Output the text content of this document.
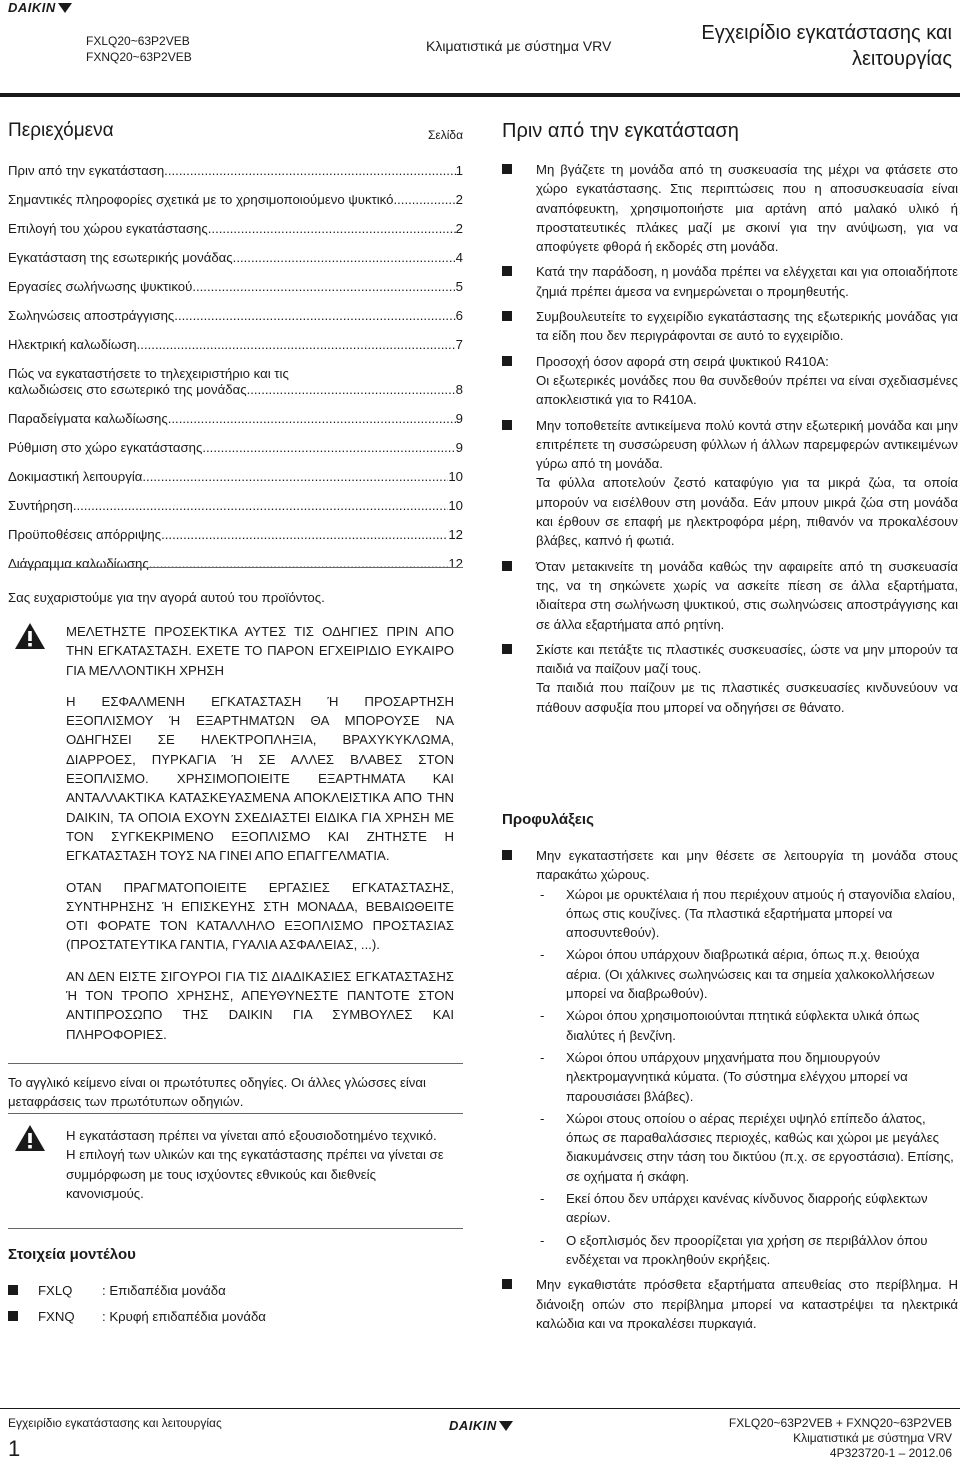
DAIKIN
FXLQ20~63P2VEB
FXNQ20~63P2VEB
Κλιματιστικά με σύστημα VRV
Εγχειρίδιο εγκατάστασης και
λειτουργίας
Περιεχόμενα	Σελίδα
Πριν από την εγκατάσταση .....	1
Σημαντικές πληροφορίες σχετικά με το χρησιμοποιούμενο ψυκτικό .....	2
Επιλογή του χώρου εγκατάστασης .....	2
Εγκατάσταση της εσωτερικής μονάδας .....	4
Εργασίες σωλήνωσης ψυκτικού .....	5
Σωληνώσεις αποστράγγισης .....	6
Ηλεκτρική καλωδίωση .....	7
Πώς να εγκαταστήσετε το τηλεχειριστήριο και τις
καλωδιώσεις στο εσωτερικό της μονάδας .....	8
Παραδείγματα καλωδίωσης .....	9
Ρύθμιση στο χώρο εγκατάστασης .....	9
Δοκιμαστική λειτουργία .....	10
Συντήρηση .....	10
Προϋποθέσεις απόρριψης .....	12
Διάγραμμα καλωδίωσης .....	12
Σας ευχαριστούμε για την αγορά αυτού του προϊόντος.

ΜΕΛΕΤΗΣΤΕ ΠΡΟΣΕΚΤΙΚΑ ΑΥΤΕΣ ΤΙΣ ΟΔΗΓΙΕΣ ΠΡΙΝ ΑΠΟ ΤΗΝ ΕΓΚΑΤΑΣΤΑΣΗ. ΕΧΕΤΕ ΤΟ ΠΑΡΟΝ ΕΓΧΕΙΡΙΔΙΟ ΕΥΚΑΙΡΟ ΓΙΑ ΜΕΛΛΟΝΤΙΚΗ ΧΡΗΣΗ

Η ΕΣΦΑΛΜΕΝΗ ΕΓΚΑΤΑΣΤΑΣΗ Ή ΠΡΟΣΑΡΤΗΣΗ ΕΞΟΠΛΙΣΜΟΥ Ή ΕΞΑΡΤΗΜΑΤΩΝ ΘΑ ΜΠΟΡΟΥΣΕ ΝΑ ΟΔΗΓΗΣΕΙ ΣΕ ΗΛΕΚΤΡΟΠΛΗΞΙΑ, ΒΡΑΧΥΚΥΚΛΩΜΑ, ΔΙΑΡΡΟΕΣ, ΠΥΡΚΑΓΙΑ Ή ΣΕ ΑΛΛΕΣ ΒΛΑΒΕΣ ΣΤΟΝ ΕΞΟΠΛΙΣΜΟ. ΧΡΗΣΙΜΟΠΟΙΕΙΤΕ ΕΞΑΡΤΗΜΑΤΑ ΚΑΙ ΑΝΤΑΛΛΑΚΤΙΚΑ ΚΑΤΑΣΚΕΥΑΣΜΕΝΑ ΑΠΟΚΛΕΙΣΤΙΚΑ ΑΠΟ ΤΗΝ DAIKIN, ΤΑ ΟΠΟΙΑ ΕΧΟΥΝ ΣΧΕΔΙΑΣΤΕΙ ΕΙΔΙΚΑ ΓΙΑ ΧΡΗΣΗ ΜΕ ΤΟΝ ΣΥΓΚΕΚΡΙΜΕΝΟ ΕΞΟΠΛΙΣΜΟ ΚΑΙ ΖΗΤΗΣΤΕ Η ΕΓΚΑΤΑΣΤΑΣΗ ΤΟΥΣ ΝΑ ΓΙΝΕΙ ΑΠΟ ΕΠΑΓΓΕΛΜΑΤΙΑ.

ΟΤΑΝ ΠΡΑΓΜΑΤΟΠΟΙΕΙΤΕ ΕΡΓΑΣΙΕΣ ΕΓΚΑΤΑΣΤΑΣΗΣ, ΣΥΝΤΗΡΗΣΗΣ Ή ΕΠΙΣΚΕΥΗΣ ΣΤΗ ΜΟΝΑΔΑ, ΒΕΒΑΙΩΘΕΙΤΕ ΟΤΙ ΦΟΡΑΤΕ ΤΟΝ ΚΑΤΑΛΛΗΛΟ ΕΞΟΠΛΙΣΜΟ ΠΡΟΣΤΑΣΙΑΣ (ΠΡΟΣΤΑΤΕΥΤΙΚΑ ΓΑΝΤΙΑ, ΓΥΑΛΙΑ ΑΣΦΑΛΕΙΑΣ, ...).

ΑΝ ΔΕΝ ΕΙΣΤΕ ΣΙΓΟΥΡΟΙ ΓΙΑ ΤΙΣ ΔΙΑΔΙΚΑΣΙΕΣ ΕΓΚΑΤΑΣΤΑΣΗΣ Ή ΤΟΝ ΤΡΟΠΟ ΧΡΗΣΗΣ, ΑΠΕΥΘΥΝΕΣΤΕ ΠΑΝΤΟΤΕ ΣΤΟΝ ΑΝΤΙΠΡΟΣΩΠΟ ΤΗΣ DAIKIN ΓΙΑ ΣΥΜΒΟΥΛΕΣ ΚΑΙ ΠΛΗΡΟΦΟΡΙΕΣ.

Το αγγλικό κείμενο είναι οι πρωτότυπες οδηγίες. Οι άλλες γλώσσες είναι μεταφράσεις των πρωτότυπων οδηγιών.

Η εγκατάσταση πρέπει να γίνεται από εξουσιοδοτημένο τεχνικό.

Η επιλογή των υλικών και της εγκατάστασης πρέπει να γίνεται σε συμμόρφωση με τους ισχύοντες εθνικούς και διεθνείς κανονισμούς.

Στοιχεία μοντέλου
FXLQ : Επιδαπέδια μονάδα
FXNQ : Κρυφή επιδαπέδια μονάδα
Πριν από την εγκατάσταση

Μη βγάζετε τη μονάδα από τη συσκευασία της μέχρι να φτάσετε στο χώρο εγκατάστασης. Στις περιπτώσεις που η αποσυσκευασία είναι αναπόφευκτη, χρησιμοποιήστε μια αρτάνη από μαλακό υλικό ή προστατευτικές πλάκες μαζί με σκοινί για την ανύψωση, για να αποφύγετε φθορά ή εκδορές στη μονάδα.

Κατά την παράδοση, η μονάδα πρέπει να ελέγχεται και για οποιαδήποτε ζημιά πρέπει άμεσα να ενημερώνεται ο προμηθευτής.

Συμβουλευτείτε το εγχειρίδιο εγκατάστασης της εξωτερικής μονάδας για τα είδη που δεν περιγράφονται σε αυτό το εγχειρίδιο.

Προσοχή όσον αφορά στη σειρά ψυκτικού R410A:

Οι εξωτερικές μονάδες που θα συνδεθούν πρέπει να είναι σχεδιασμένες αποκλειστικά για το R410A.

Μην τοποθετείτε αντικείμενα πολύ κοντά στην εξωτερική μονάδα και μην επιτρέπετε τη συσσώρευση φύλλων ή άλλων παρεμφερών αντικειμένων γύρω από τη μονάδα.

Τα φύλλα αποτελούν ζεστό καταφύγιο για τα μικρά ζώα, τα οποία μπορούν να εισέλθουν στη μονάδα. Εάν μπουν μικρά ζώα στη μονάδα και έρθουν σε επαφή με ηλεκτροφόρα μέρη, πιθανόν να προκαλέσουν βλάβες, καπνό ή φωτιά.

Όταν μετακινείτε τη μονάδα καθώς την αφαιρείτε από τη συσκευασία της, να τη σηκώνετε χωρίς να ασκείτε πίεση σε άλλα εξαρτήματα, ιδιαίτερα στη σωλήνωση ψυκτικού, στις σωληνώσεις αποστράγγισης και σε άλλα εξαρτήματα από ρητίνη.

Σκίστε και πετάξτε τις πλαστικές συσκευασίες, ώστε να μην μπορούν τα παιδιά να παίζουν μαζί τους.

Τα παιδιά που παίζουν με τις πλαστικές συσκευασίες κινδυνεύουν να πάθουν ασφυξία που μπορεί να οδηγήσει σε θάνατο.

Προφυλάξεις

Μην εγκαταστήσετε και μην θέσετε σε λειτουργία τη μονάδα στους παρακάτω χώρους.

- Χώροι με ορυκτέλαια ή που περιέχουν ατμούς ή σταγονίδια ελαίου, όπως στις κουζίνες. (Τα πλαστικά εξαρτήματα μπορεί να αποσυντεθούν).
- Χώροι όπου υπάρχουν διαβρωτικά αέρια, όπως π.χ. θειούχα αέρια. (Οι χάλκινες σωληνώσεις και τα σημεία χαλκοκολλήσεων μπορεί να διαβρωθούν).
- Χώροι όπου χρησιμοποιούνται πτητικά εύφλεκτα υλικά όπως διαλύτες ή βενζίνη.
- Χώροι όπου υπάρχουν μηχανήματα που δημιουργούν ηλεκτρομαγνητικά κύματα. (Το σύστημα ελέγχου μπορεί να παρουσιάσει βλάβες).
- Χώροι στους οποίου ο αέρας περιέχει υψηλό επίπεδο άλατος, όπως σε παραθαλάσσιες περιοχές, καθώς και χώροι με μεγάλες διακυμάνσεις στην τάση του δικτύου (π.χ. σε εργοστάσια). Επίσης, σε οχήματα ή σκάφη.
- Εκεί όπου δεν υπάρχει κανένας κίνδυνος διαρροής εύφλεκτων αερίων.
- Ο εξοπλισμός δεν προορίζεται για χρήση σε περιβάλλον όπου ενδέχεται να προκληθούν εκρήξεις.

Μην εγκαθιστάτε πρόσθετα εξαρτήματα απευθείας στο περίβλημα. Η διάνοιξη οπών στο περίβλημα μπορεί να καταστρέψει τα ηλεκτρικά καλώδια και να προκαλέσει πυρκαγιά.

Εγχειρίδιο εγκατάστασης και λειτουργίας
1
DAIKIN	FXLQ20~63P2VEB + FXNQ20~63P2VEB
Κλιματιστικά με σύστημα VRV
4P323720-1 – 2012.06
